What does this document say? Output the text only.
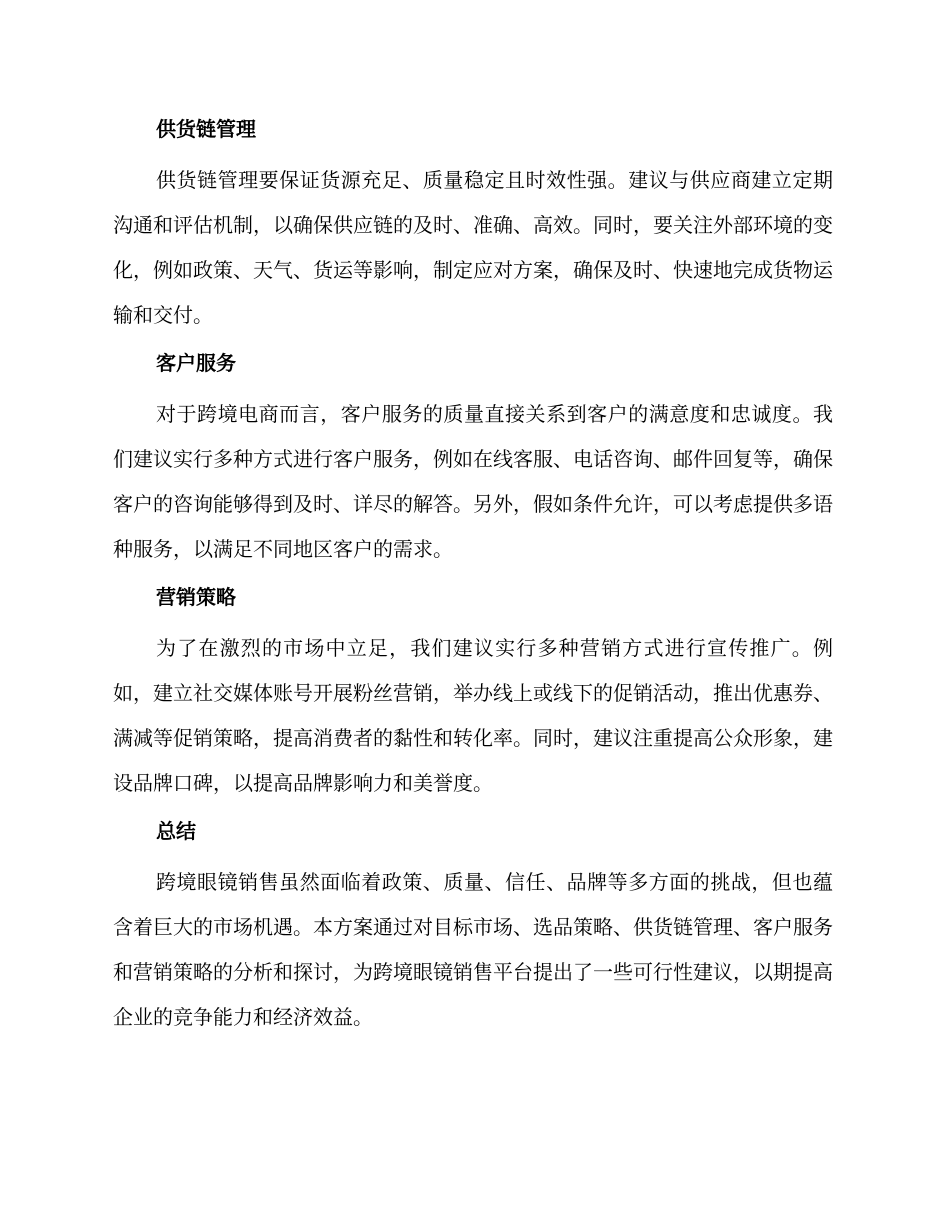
供货链管理

供货链管理要保证货源充足、质量稳定且时效性强。建议与供应商建立定期沟通和评估机制，以确保供应链的及时、准确、高效。同时，要关注外部环境的变化，例如政策、天气、货运等影响，制定应对方案，确保及时、快速地完成货物运输和交付。

客户服务

对于跨境电商而言，客户服务的质量直接关系到客户的满意度和忠诚度。我们建议实行多种方式进行客户服务，例如在线客服、电话咨询、邮件回复等，确保客户的咨询能够得到及时、详尽的解答。另外，假如条件允许，可以考虑提供多语种服务，以满足不同地区客户的需求。

营销策略

为了在激烈的市场中立足，我们建议实行多种营销方式进行宣传推广。例如，建立社交媒体账号开展粉丝营销，举办线上或线下的促销活动，推出优惠券、满减等促销策略，提高消费者的黏性和转化率。同时，建议注重提高公众形象，建设品牌口碑，以提高品牌影响力和美誉度。

总结

跨境眼镜销售虽然面临着政策、质量、信任、品牌等多方面的挑战，但也蕴含着巨大的市场机遇。本方案通过对目标市场、选品策略、供货链管理、客户服务和营销策略的分析和探讨，为跨境眼镜销售平台提出了一些可行性建议，以期提高企业的竞争能力和经济效益。
